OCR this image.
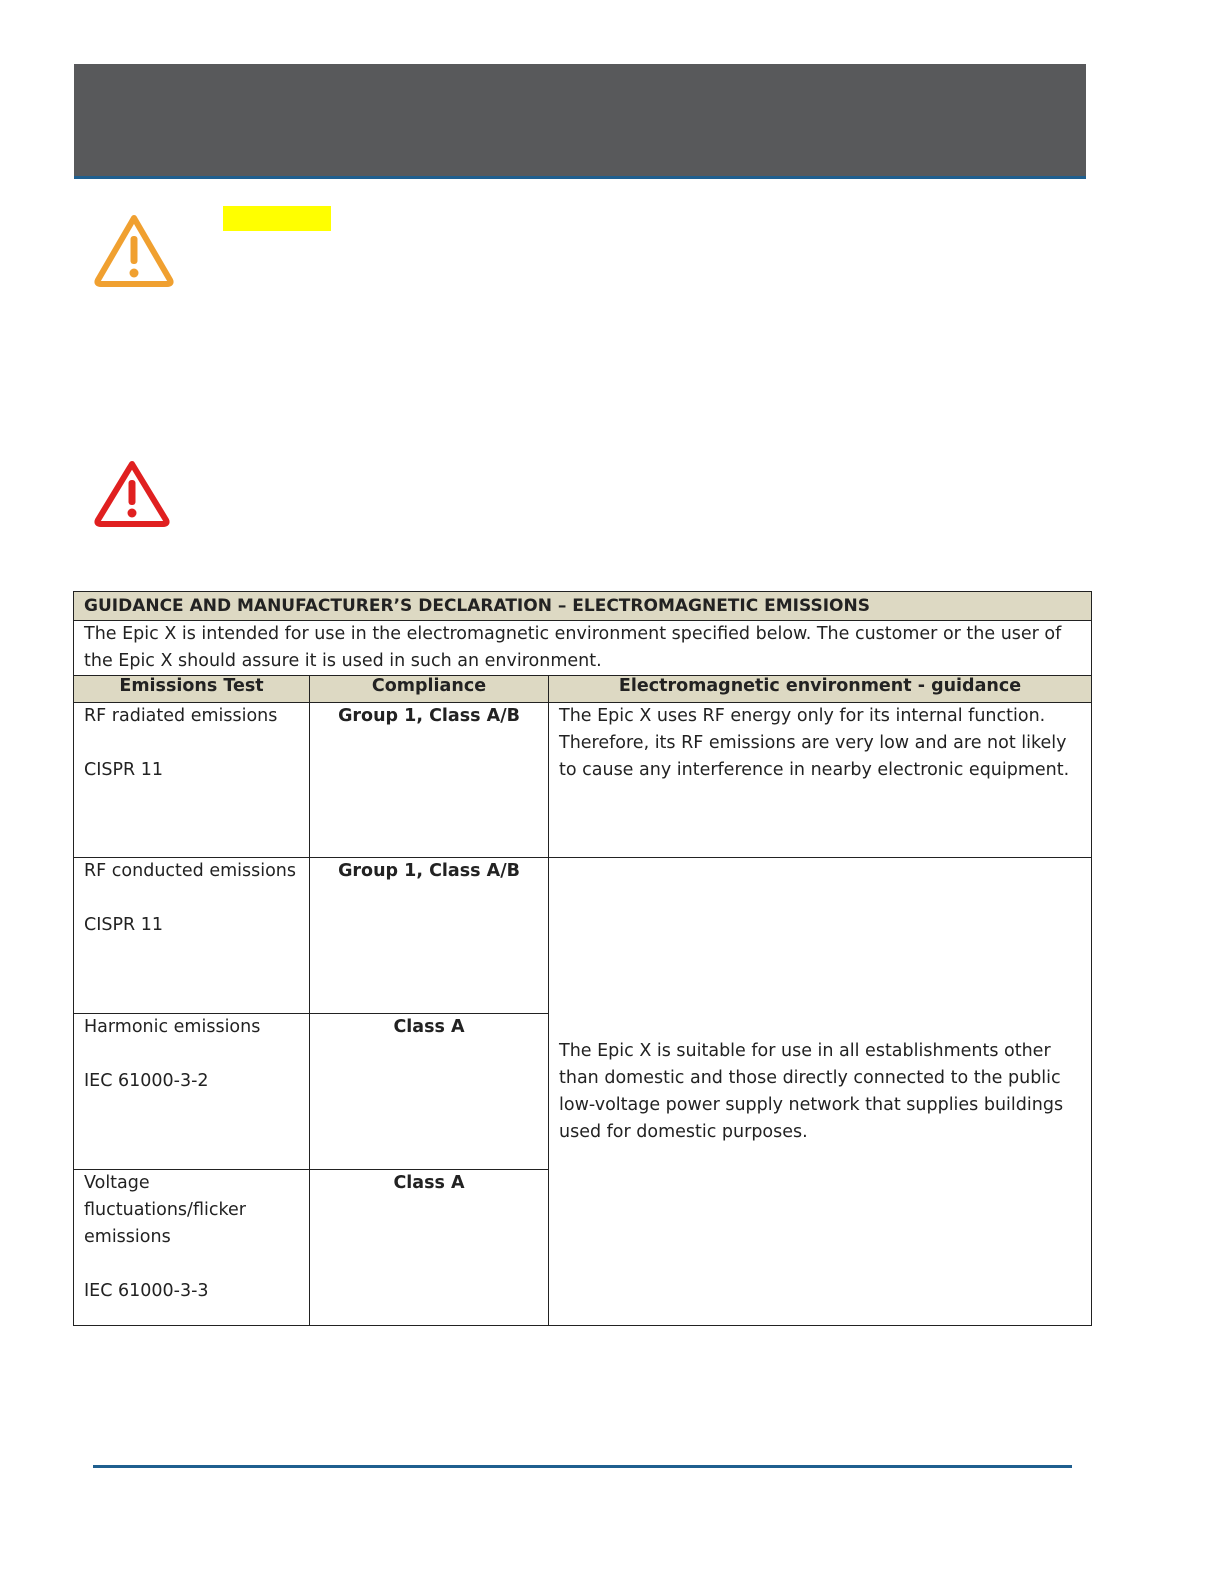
GUIDANCE AND MANUFACTURER’S DECLARATION – ELECTROMAGNETIC EMISSIONS		
The Epic X is intended for use in the electromagnetic environment specified below. The customer or the user of the Epic X should assure it is used in such an environment.		
Emissions Test	Compliance	Electromagnetic environment - guidance
RF radiated emissions
CISPR 11	Group 1, Class A/B	The Epic X uses RF energy only for its internal function. Therefore, its RF emissions are very low and are not likely to cause any interference in nearby electronic equipment.
RF conducted emissions
CISPR 11	Group 1, Class A/B	The Epic X is suitable for use in all establishments other than domestic and those directly connected to the public low-voltage power supply network that supplies buildings used for domestic purposes.
Harmonic emissions
IEC 61000-3-2	Class A	
Voltage fluctuations/flicker emissions
IEC 61000-3-3	Class A	
